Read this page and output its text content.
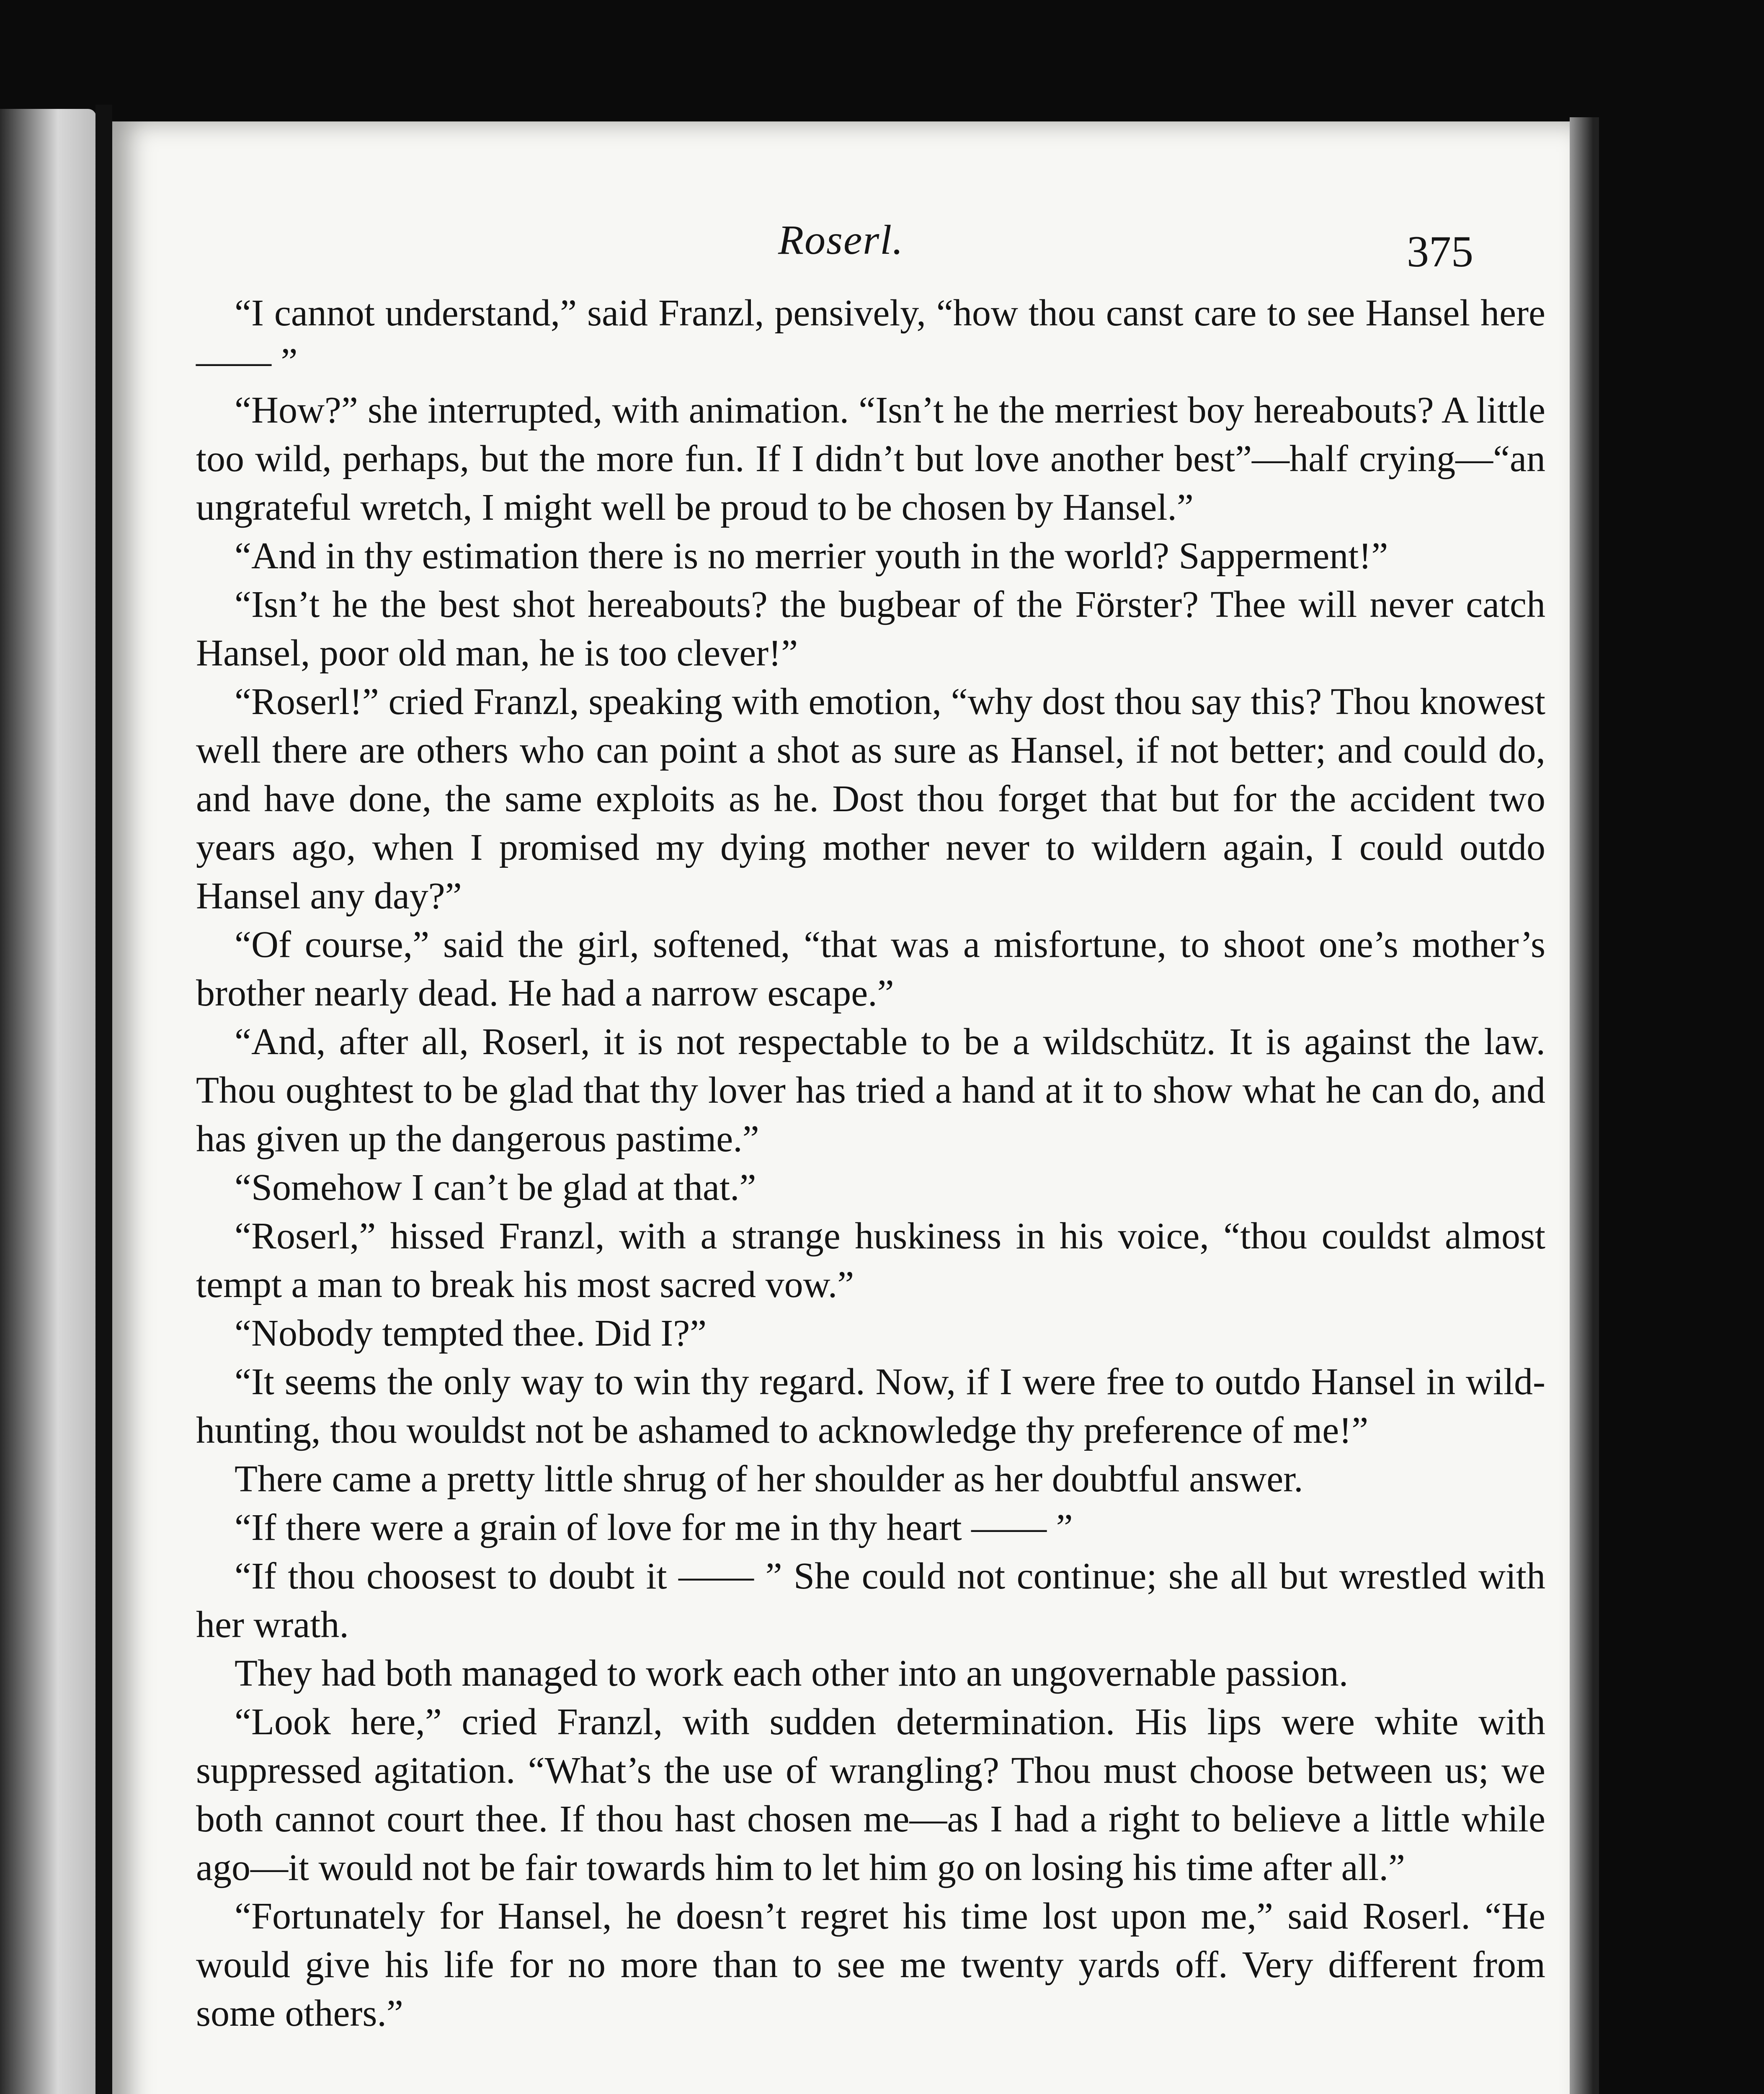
Roserl.	375

“I cannot understand,” said Franzl, pensively, “how thou canst care to see Hansel here —— ”

“How?” she interrupted, with animation. “Isn’t he the merriest boy hereabouts? A little too wild, perhaps, but the more fun. If I didn’t but love another best”—half crying—“an ungrateful wretch, I might well be proud to be chosen by Hansel.”

“And in thy estimation there is no merrier youth in the world? Sapperment!”

“Isn’t he the best shot hereabouts? the bugbear of the Förster? Thee will never catch Hansel, poor old man, he is too clever!”

“Roserl!” cried Franzl, speaking with emotion, “why dost thou say this? Thou knowest well there are others who can point a shot as sure as Hansel, if not better; and could do, and have done, the same exploits as he. Dost thou forget that but for the accident two years ago, when I promised my dying mother never to wildern again, I could outdo Hansel any day?”

“Of course,” said the girl, softened, “that was a misfortune, to shoot one’s mother’s brother nearly dead. He had a narrow escape.”

“And, after all, Roserl, it is not respectable to be a wildschütz. It is against the law. Thou oughtest to be glad that thy lover has tried a hand at it to show what he can do, and has given up the dangerous pastime.”

“Somehow I can’t be glad at that.”

“Roserl,” hissed Franzl, with a strange huskiness in his voice, “thou couldst almost tempt a man to break his most sacred vow.”

“Nobody tempted thee. Did I?”

“It seems the only way to win thy regard. Now, if I were free to outdo Hansel in wild-hunting, thou wouldst not be ashamed to acknowledge thy preference of me!”

There came a pretty little shrug of her shoulder as her doubtful answer.

“If there were a grain of love for me in thy heart —— ”

“If thou choosest to doubt it —— ” She could not continue; she all but wrestled with her wrath.

They had both managed to work each other into an ungovernable passion.

“Look here,” cried Franzl, with sudden determination. His lips were white with suppressed agitation. “What’s the use of wrangling? Thou must choose between us; we both cannot court thee. If thou hast chosen me—as I had a right to believe a little while ago—it would not be fair towards him to let him go on losing his time after all.”

“Fortunately for Hansel, he doesn’t regret his time lost upon me,” said Roserl. “He would give his life for no more than to see me twenty yards off. Very different from some others.”
